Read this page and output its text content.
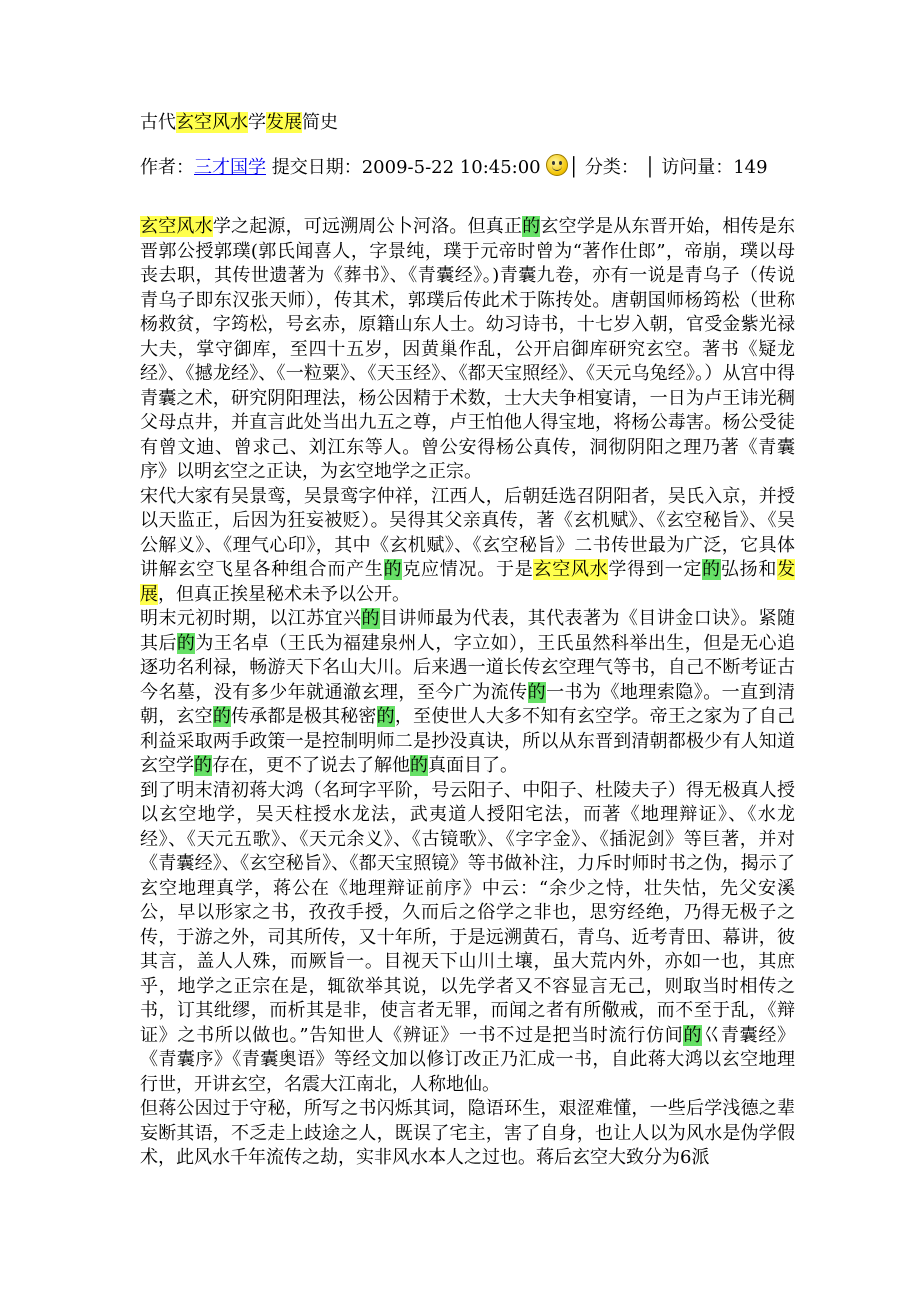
古代玄空风水学发展简史
作者：三才国学 提交日期：2009-5-22 10:45:00 │ 分类： │ 访问量：149

玄空风水学之起源，可远溯周公卜河洛。但真正的玄空学是从东晋开始，相传是东晋郭公授郭璞(郭氏闻喜人，字景纯，璞于元帝时曾为“著作仕郎”，帝崩，璞以母丧去职，其传世遗著为《葬书》、《青囊经》。)青囊九卷，亦有一说是青乌子（传说青乌子即东汉张天师），传其术，郭璞后传此术于陈抟处。唐朝国师杨筠松（世称杨救贫，字筠松，号玄赤，原籍山东人士。幼习诗书，十七岁入朝，官受金紫光禄大夫，掌守御库，至四十五岁，因黄巢作乱，公开启御库研究玄空。著书《疑龙经》、《撼龙经》、《一粒粟》、《天玉经》、《都天宝照经》、《天元乌兔经》。）从宫中得青囊之术，研究阴阳理法，杨公因精于术数，士大夫争相宴请，一日为卢王讳光稠父母点井，并直言此处当出九五之尊，卢王怕他人得宝地，将杨公毒害。杨公受徒有曾文迪、曾求己、刘江东等人。曾公安得杨公真传，洞彻阴阳之理乃著《青囊序》以明玄空之正诀，为玄空地学之正宗。

宋代大家有吴景鸾，吴景鸾字仲祥，江西人，后朝廷选召阴阳者，吴氏入京，并授以天监正，后因为狂妄被贬）。吴得其父亲真传，著《玄机赋》、《玄空秘旨》、《吴公解义》、《理气心印》，其中《玄机赋》、《玄空秘旨》二书传世最为广泛，它具体讲解玄空飞星各种组合而产生的克应情况。于是玄空风水学得到一定的弘扬和发展，但真正挨星秘术未予以公开。

明末元初时期，以江苏宜兴的目讲师最为代表，其代表著为《目讲金口诀》。紧随其后的为王名卓（王氏为福建泉州人，字立如），王氏虽然科举出生，但是无心追逐功名利禄，畅游天下名山大川。后来遇一道长传玄空理气等书，自己不断考证古今名墓，没有多少年就通澈玄理，至今广为流传的一书为《地理索隐》。一直到清朝，玄空的传承都是极其秘密的，至使世人大多不知有玄空学。帝王之家为了自己利益采取两手政策一是控制明师二是抄没真诀，所以从东晋到清朝都极少有人知道玄空学的存在，更不了说去了解他的真面目了。

到了明末清初蒋大鸿（名珂字平阶，号云阳子、中阳子、杜陵夫子）得无极真人授以玄空地学，吴天柱授水龙法，武夷道人授阳宅法，而著《地理辩证》、《水龙经》、《天元五歌》、《天元余义》、《古镜歌》、《字字金》、《插泥剑》等巨著，并对《青囊经》、《玄空秘旨》、《都天宝照镜》等书做补注，力斥时师时书之伪，揭示了玄空地理真学，蒋公在《地理辩证前序》中云：“余少之恃，壮失怙，先父安溪公，早以形家之书，孜孜手授，久而后之俗学之非也，思穷经绝，乃得无极子之传，于游之外，司其所传，又十年所，于是远溯黄石，青乌、近考青田、幕讲，彼其言，盖人人殊，而厥旨一。目视天下山川土壤，虽大荒内外，亦如一也，其庶乎，地学之正宗在是，辄欲举其说，以先学者又不容显言无己，则取当时相传之书，订其纰缪，而析其是非，使言者无罪，而闻之者有所儆戒，而不至于乱，《辩证》之书所以做也。”告知世人《辨证》一书不过是把当时流行仿间的巜青囊经》《青囊序》《青囊奥语》等经文加以修订改正乃汇成一书，自此蒋大鸿以玄空地理行世，开讲玄空，名震大江南北，人称地仙。

但蒋公因过于守秘，所写之书闪烁其词，隐语环生，艰涩难懂，一些后学浅德之辈妄断其语，不乏走上歧途之人，既误了宅主，害了自身，也让人以为风水是伪学假术，此风水千年流传之劫，实非风水本人之过也。蒋后玄空大致分为6派
